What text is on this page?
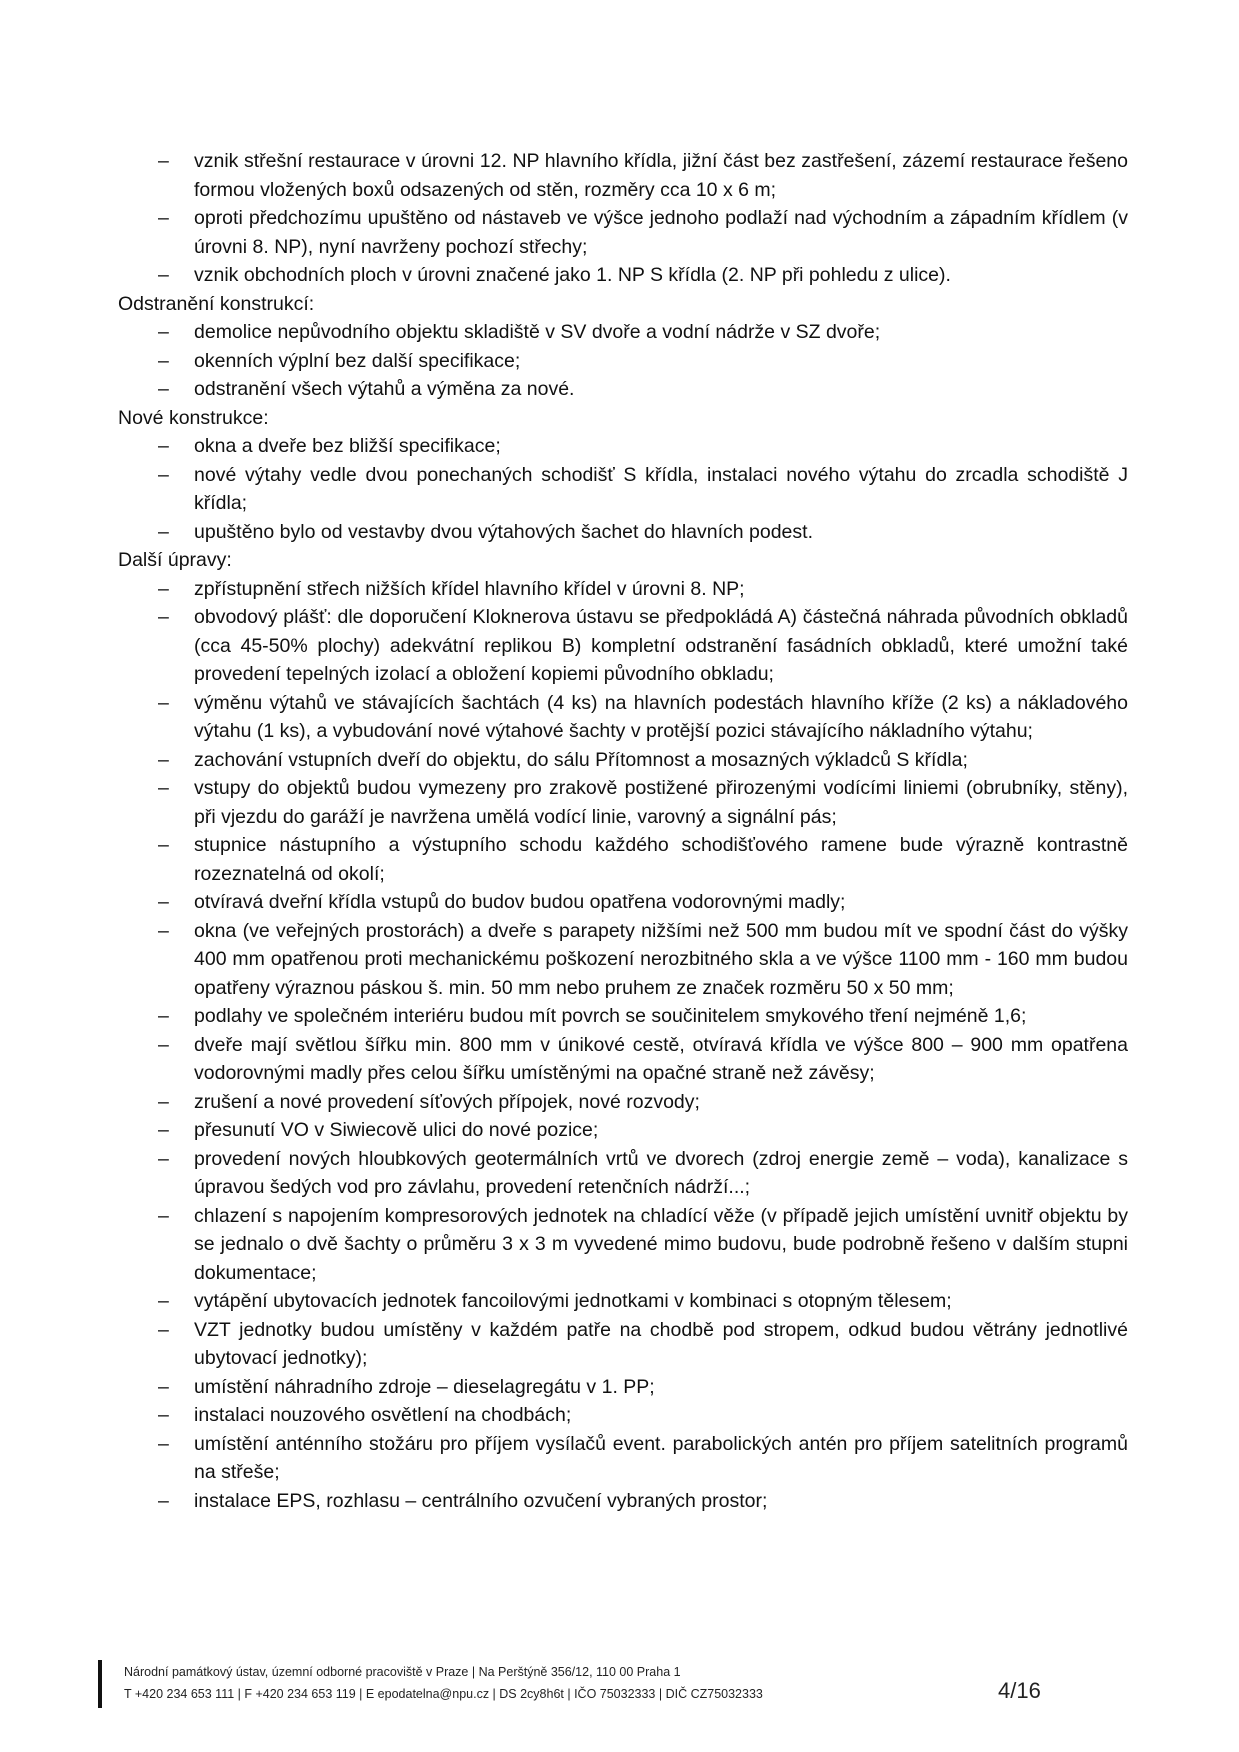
– vznik střešní restaurace v úrovni 12. NP hlavního křídla, jižní část bez zastřešení, zázemí restaurace řešeno formou vložených boxů odsazených od stěn, rozměry cca 10 x 6 m;
– oproti předchozímu upuštěno od nástaveb ve výšce jednoho podlaží nad východním a západním křídlem (v úrovni 8. NP), nyní navrženy pochozí střechy;
– vznik obchodních ploch v úrovni značené jako 1. NP S křídla (2. NP při pohledu z ulice).
Odstranění konstrukcí:
– demolice nepůvodního objektu skladiště v SV dvoře a vodní nádrže v SZ dvoře;
– okenních výplní bez další specifikace;
– odstranění všech výtahů a výměna za nové.
Nové konstrukce:
– okna a dveře bez bližší specifikace;
– nové výtahy vedle dvou ponechaných schodišť S křídla, instalaci nového výtahu do zrcadla schodiště J křídla;
– upuštěno bylo od vestavby dvou výtahových šachet do hlavních podest.
Další úpravy:
– zpřístupnění střech nižších křídel hlavního křídel v úrovni 8. NP;
– obvodový plášť: dle doporučení Kloknerova ústavu se předpokládá A) částečná náhrada původních obkladů (cca 45-50% plochy) adekvátní replikou B) kompletní odstranění fasádních obkladů, které umožní také provedení tepelných izolací a obložení kopiemi původního obkladu;
– výměnu výtahů ve stávajících šachtách (4 ks) na hlavních podestách hlavního kříže (2 ks) a nákladového výtahu (1 ks), a vybudování nové výtahové šachty v protější pozici stávajícího nákladního výtahu;
– zachování vstupních dveří do objektu, do sálu Přítomnost a mosazných výkladců S křídla;
– vstupy do objektů budou vymezeny pro zrakově postižené přirozenými vodícími liniemi (obrubníky, stěny), při vjezdu do garáží je navržena umělá vodící linie, varovný a signální pás;
– stupnice nástupního a výstupního schodu každého schodišťového ramene bude výrazně kontrastně rozeznatelná od okolí;
– otvíravá dveřní křídla vstupů do budov budou opatřena vodorovnými madly;
– okna (ve veřejných prostorách) a dveře s parapety nižšími než 500 mm budou mít ve spodní část do výšky 400 mm opatřenou proti mechanickému poškození nerozbitného skla a ve výšce 1100 mm - 160 mm budou opatřeny výraznou páskou š. min. 50 mm nebo pruhem ze značek rozměru 50 x 50 mm;
– podlahy ve společném interiéru budou mít povrch se součinitelem smykového tření nejméně 1,6;
– dveře mají světlou šířku min. 800 mm v únikové cestě, otvíravá křídla ve výšce 800 – 900 mm opatřena vodorovnými madly přes celou šířku umístěnými na opačné straně než závěsy;
– zrušení a nové provedení síťových přípojek, nové rozvody;
– přesunutí VO v Siwiecově ulici do nové pozice;
– provedení nových hloubkových geotermálních vrtů ve dvorech (zdroj energie země – voda), kanalizace s úpravou šedých vod pro závlahu, provedení retenčních nádrží...;
– chlazení s napojením kompresorových jednotek na chladící věže (v případě jejich umístění uvnitř objektu by se jednalo o dvě šachty o průměru 3 x 3 m vyvedené mimo budovu, bude podrobně řešeno v dalším stupni dokumentace;
– vytápění ubytovacích jednotek fancoilovými jednotkami v kombinaci s otopným tělesem;
– VZT jednotky budou umístěny v každém patře na chodbě pod stropem, odkud budou větrány jednotlivé ubytovací jednotky);
– umístění náhradního zdroje – dieselagregátu v 1. PP;
– instalaci nouzového osvětlení na chodbách;
– umístění anténního stožáru pro příjem vysílačů event. parabolických antén pro příjem satelitních programů na střeše;
– instalace EPS, rozhlasu – centrálního ozvučení vybraných prostor;
Národní památkový ústav, územní odborné pracoviště v Praze | Na Perštýně 356/12, 110 00 Praha 1
T +420 234 653 111 | F +420 234 653 119 | E epodatelna@npu.cz | DS 2cy8h6t | IČO 75032333 | DIČ CZ75032333	4/16
